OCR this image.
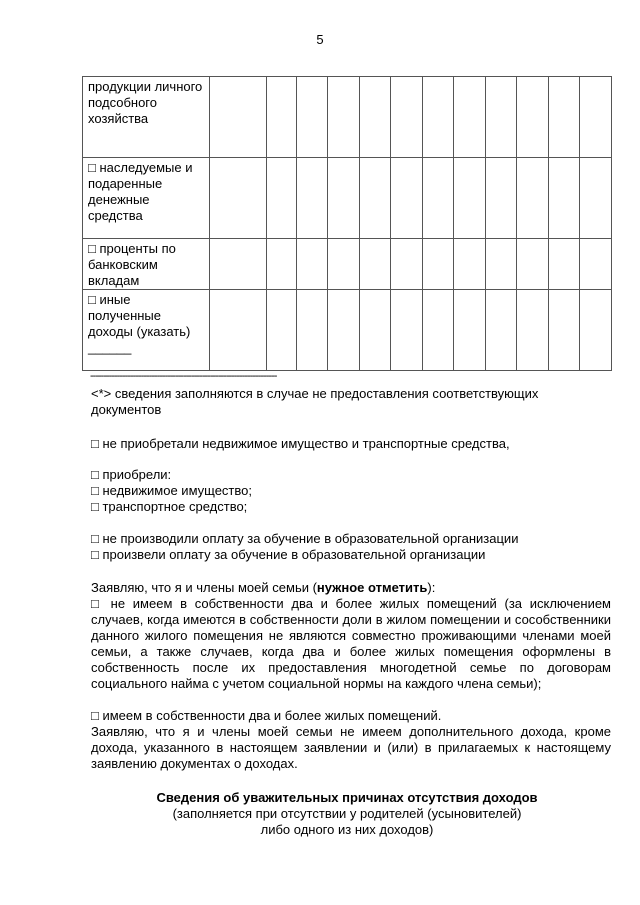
5
продукции личного подсобного хозяйства												
□ наследуемые и подаренные денежные средства												
□ проценты по банковским вкладам												
□ иные полученные доходы (указать) ______												
----------------------------------------------------------------------
<*> сведения заполняются в случае не предоставления соответствующих документов
□ не приобретали недвижимое имущество и транспортные средства,
□ приобрели:
□ недвижимое имущество;
□ транспортное средство;
□ не производили оплату за обучение в образовательной организации
□ произвели оплату за обучение в образовательной организации
Заявляю, что я и члены моей семьи (нужное отметить):
□ не имеем в собственности два и более жилых помещений (за исключением случаев, когда имеются в собственности доли в жилом помещении и сособственники данного жилого помещения не являются совместно проживающими членами моей семьи, а также случаев, когда два и более жилых помещения оформлены в собственность после их предоставления многодетной семье по договорам социального найма с учетом социальной нормы на каждого члена семьи);
□ имеем в собственности два и более жилых помещений.
Заявляю, что я и члены моей семьи не имеем дополнительного дохода, кроме дохода, указанного в настоящем заявлении и (или) в прилагаемых к настоящему заявлению документах о доходах.
Сведения об уважительных причинах отсутствия доходов
(заполняется при отсутствии у родителей (усыновителей)
либо одного из них доходов)
